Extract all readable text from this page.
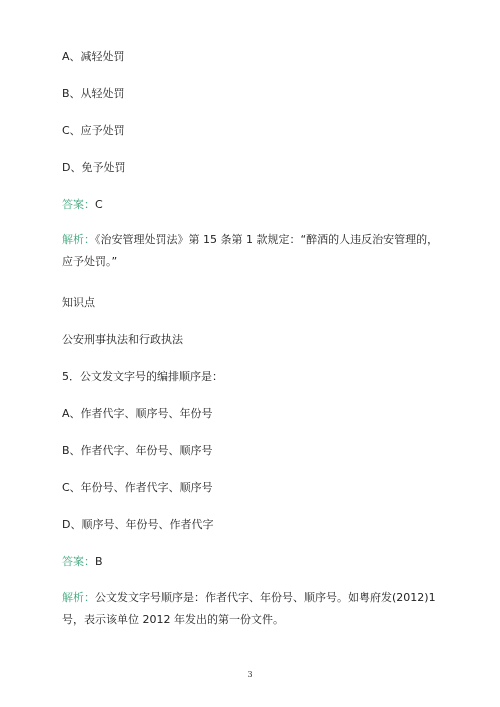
A、减轻处罚
B、从轻处罚
C、应予处罚
D、免予处罚
答案：C
解析：《治安管理处罚法》第 15 条第 1 款规定：“醉酒的人违反治安管理的，应予处罚。”
知识点
公安刑事执法和行政执法
5．公文发文字号的编排顺序是：
A、作者代字、顺序号、年份号
B、作者代字、年份号、顺序号
C、年份号、作者代字、顺序号
D、顺序号、年份号、作者代字
答案：B
解析：公文发文字号顺序是：作者代字、年份号、顺序号。如粤府发(2012)1 号，表示该单位 2012 年发出的第一份文件。
3
